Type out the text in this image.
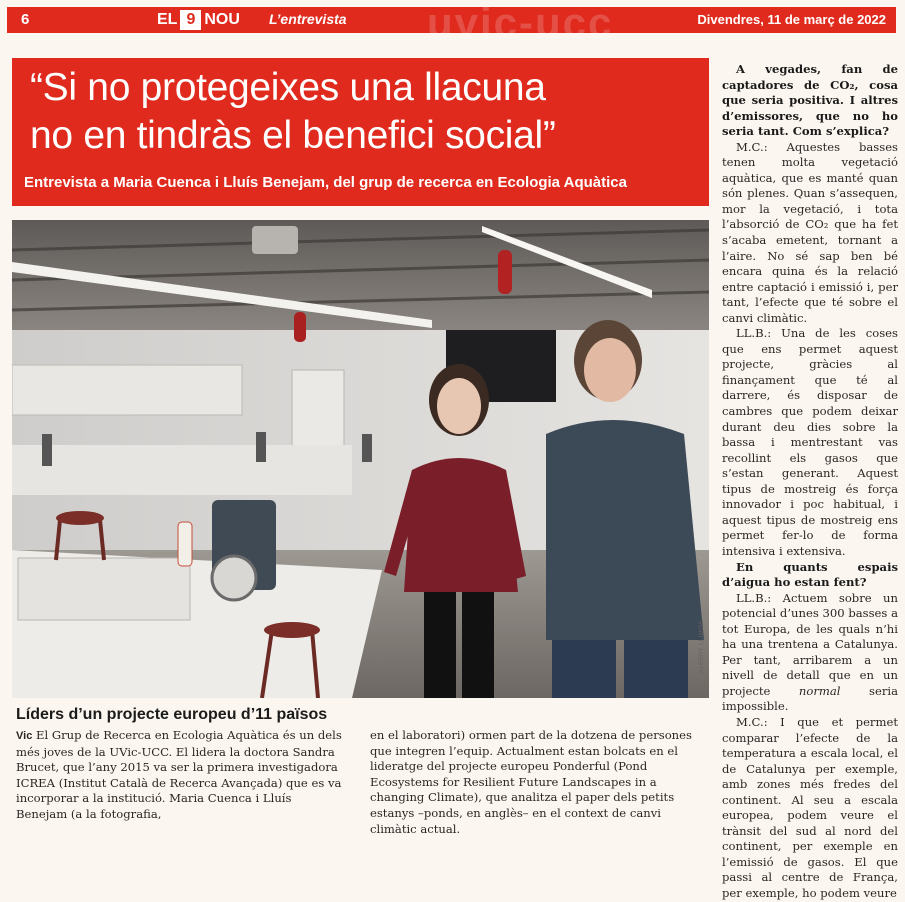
uvic-ucc
6	EL 9 NOU L’entrevista	Divendres, 11 de març de 2022
“Si no protegeixes una llacuna
no en tindràs el benefici social”

Entrevista a Maria Cuenca i Lluís Benejam, del grup de recerca en Ecologia Aquàtica

ALBERT LLIMÓS
Líders d’un projecte europeu d’11 països

Vic El Grup de Recerca en Ecologia Aquàtica és un dels més joves de la UVic-UCC. El lidera la doctora Sandra Brucet, que l’any 2015 va ser la primera investigadora ICREA (Institut Català de Recerca Avançada) que es va incorporar a la institució. Maria Cuenca i Lluís Benejam (a la fotografia,

en el laboratori) ormen part de la dotzena de persones que integren l’equip. Actualment estan bolcats en el lideratge del projecte europeu Ponderful (Pond Ecosystems for Resilient Future Landscapes in a changing Climate), que analitza el paper dels petits estanys –ponds, en anglès– en el context de canvi climàtic actual.

A vegades, fan de captadores de CO₂, cosa que seria positiva. I altres d’emissores, que no ho seria tant. Com s’explica?

M.C.: Aquestes basses tenen molta vegetació aquàtica, que es manté quan són plenes. Quan s’assequen, mor la vegetació, i tota l’absorció de CO₂ que ha fet s’acaba emetent, tornant a l’aire. No sé sap ben bé encara quina és la relació entre captació i emissió i, per tant, l’efecte que té sobre el canvi climàtic.

LL.B.: Una de les coses que ens permet aquest projecte, gràcies al finançament que té al darrere, és disposar de cambres que podem deixar durant deu dies sobre la bassa i mentrestant vas recollint els gasos que s’estan generant. Aquest tipus de mostreig és força innovador i poc habitual, i aquest tipus de mostreig ens permet fer-lo de forma intensiva i extensiva.

En quants espais d’aigua ho estan fent?

LL.B.: Actuem sobre un potencial d’unes 300 basses a tot Europa, de les quals n’hi ha una trentena a Catalunya. Per tant, arribarem a un nivell de detall que en un projecte normal seria impossible.

M.C.: I que et permet comparar l’efecte de la temperatura a escala local, el de Catalunya per exemple, amb zones més fredes del continent. Al seu a escala europea, podem veure el trànsit del sud al nord del continent, per exemple en l’emissió de gasos. El que passi al centre de França, per exemple, ho podem veure
